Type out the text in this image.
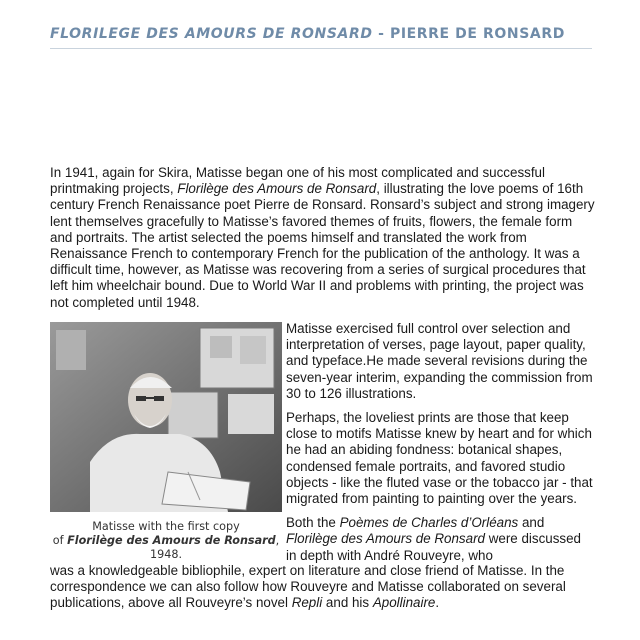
FLORILEGE DES AMOURS DE RONSARD - PIERRE DE RONSARD

In 1941, again for Skira, Matisse began one of his most complicated and successful printmaking projects, Florilège des Amours de Ronsard, illustrating the love poems of 16th century French Renaissance poet Pierre de Ronsard. Ronsard’s subject and strong imagery lent themselves gracefully to Matisse’s favored themes of fruits, flowers, the female form and portraits. The artist selected the poems himself and translated the work from Renaissance French to contemporary French for the publication of the anthology. It was a difficult time, however, as Matisse was recovering from a series of surgical procedures that left him wheelchair bound. Due to World War II and problems with printing, the project was not completed until 1948.

Matisse with the first copy
of Florilège des Amours de Ronsard, 1948.

Matisse exercised full control over selection and interpretation of verses, page layout, paper quality, and typeface.He made several revisions during the seven-year interim, expanding the commission from 30 to 126 illustrations.

Perhaps, the loveliest prints are those that keep close to motifs Matisse knew by heart and for which he had an abiding fondness: botanical shapes, condensed female portraits, and favored studio objects - like the fluted vase or the tobacco jar - that migrated from painting to painting over the years.

Both the Poèmes de Charles d’Orléans and Florilège des Amours de Ronsard were discussed in depth with André Rouveyre, who

was a knowledgeable bibliophile, expert on literature and close friend of Matisse. In the correspondence we can also follow how Rouveyre and Matisse collaborated on several publications, above all Rouveyre’s novel Repli and his Apollinaire.
